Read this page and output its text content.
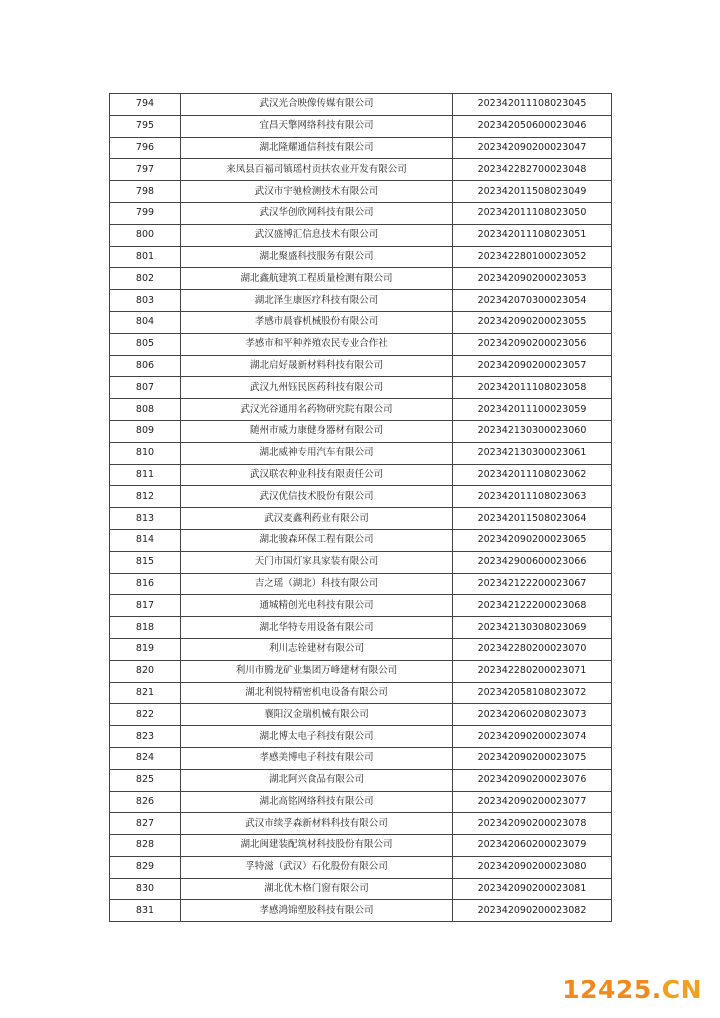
794	武汉光合映像传媒有限公司	202342011108023045
795	宜昌天擎网络科技有限公司	202342050600023046
796	湖北隆耀通信科技有限公司	202342090200023047
797	来凤县百福司镇瑶村贡扶农业开发有限公司	202342282700023048
798	武汉市宇驰检测技术有限公司	202342011508023049
799	武汉华创欣网科技有限公司	202342011108023050
800	武汉盛博汇信息技术有限公司	202342011108023051
801	湖北聚盛科技服务有限公司	202342280100023052
802	湖北鑫航建筑工程质量检测有限公司	202342090200023053
803	湖北泽生康医疗科技有限公司	202342070300023054
804	孝感市晨睿机械股份有限公司	202342090200023055
805	孝感市和平种养殖农民专业合作社	202342090200023056
806	湖北启好晟新材料科技有限公司	202342090200023057
807	武汉九州钰民医药科技有限公司	202342011108023058
808	武汉光谷通用名药物研究院有限公司	202342011100023059
809	随州市威力康健身器材有限公司	202342130300023060
810	湖北威神专用汽车有限公司	202342130300023061
811	武汉联农种业科技有限责任公司	202342011108023062
812	武汉优信技术股份有限公司	202342011108023063
813	武汉麦鑫利药业有限公司	202342011508023064
814	湖北骏森环保工程有限公司	202342090200023065
815	天门市国灯家具家装有限公司	202342900600023066
816	吉之瑶（湖北）科技有限公司	202342122200023067
817	通城精创光电科技有限公司	202342122200023068
818	湖北华特专用设备有限公司	202342130308023069
819	利川志铨建材有限公司	202342280200023070
820	利川市腾龙矿业集团万峰建材有限公司	202342280200023071
821	湖北利锐特精密机电设备有限公司	202342058108023072
822	襄阳汉金瑞机械有限公司	202342060208023073
823	湖北博太电子科技有限公司	202342090200023074
824	孝感美博电子科技有限公司	202342090200023075
825	湖北阿兴食品有限公司	202342090200023076
826	湖北高铭网络科技有限公司	202342090200023077
827	武汉市续孚森新材料科技有限公司	202342090200023078
828	湖北闽建装配筑材科技股份有限公司	202342060200023079
829	孚特滋（武汉）石化股份有限公司	202342090200023080
830	湖北优木格门窗有限公司	202342090200023081
831	孝感鸿锦塑胶科技有限公司	202342090200023082
12425.CN
